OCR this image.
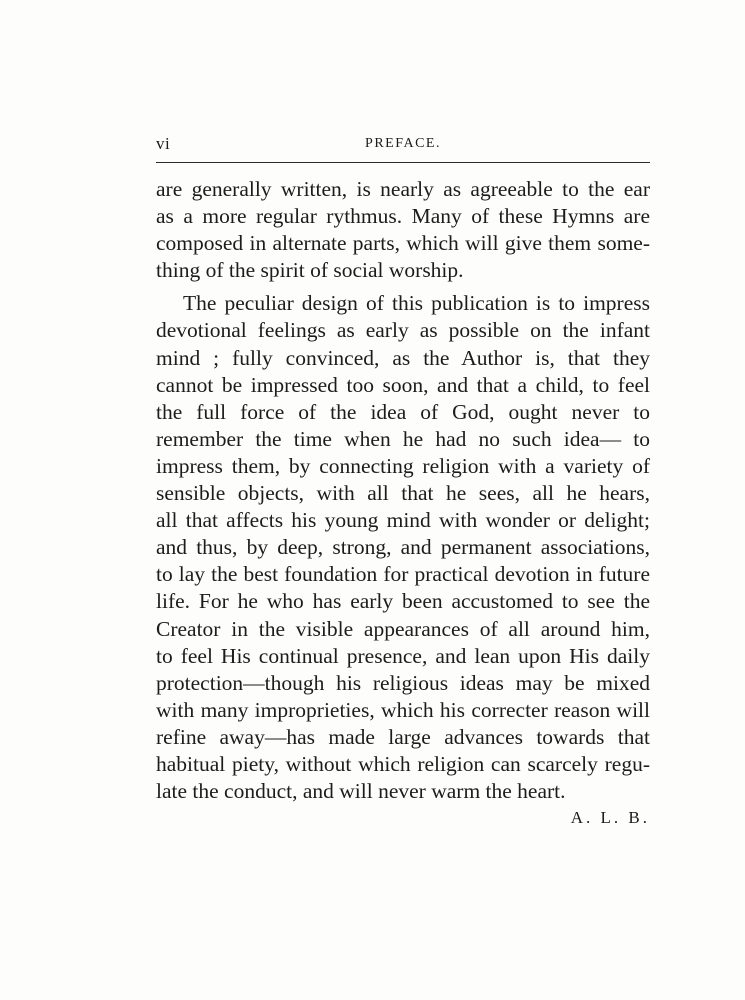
vi	PREFACE.
are generally written, is nearly as agreeable to the ear
as a more regular rythmus. Many of these Hymns are
composed in alternate parts, which will give them some-
thing of the spirit of social worship.
The peculiar design of this publication is to impress
devotional feelings as early as possible on the infant
mind ; fully convinced, as the Author is, that they
cannot be impressed too soon, and that a child, to feel
the full force of the idea of God, ought never to
remember the time when he had no such idea— to
impress them, by connecting religion with a variety of
sensible objects, with all that he sees, all he hears,
all that affects his young mind with wonder or delight;
and thus, by deep, strong, and permanent associations,
to lay the best foundation for practical devotion in future
life. For he who has early been accustomed to see the
Creator in the visible appearances of all around him,
to feel His continual presence, and lean upon His daily
protection—though his religious ideas may be mixed
with many improprieties, which his correcter reason will
refine away—has made large advances towards that
habitual piety, without which religion can scarcely regu-
late the conduct, and will never warm the heart.
A. L. B.
